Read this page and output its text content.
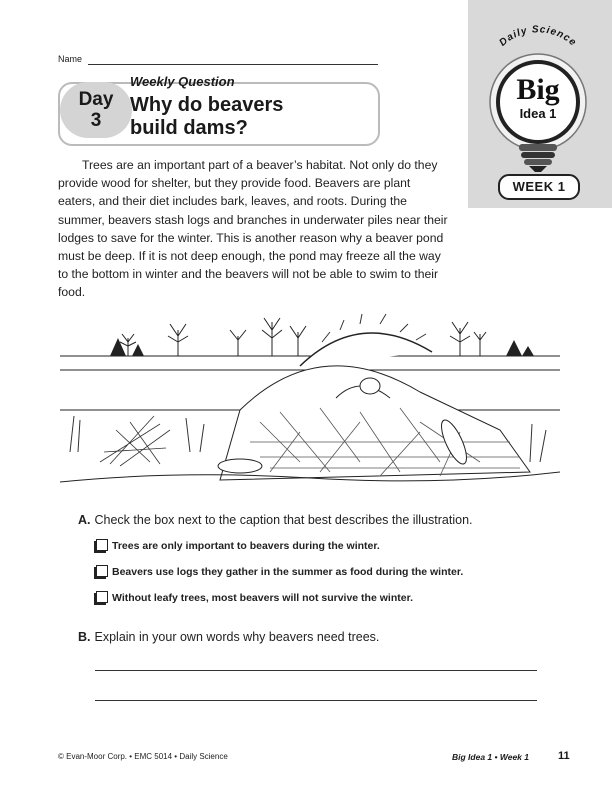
Daily Science
Big
Idea 1
WEEK 1
Name
Day
3
Weekly Question
Why do beavers
build dams?

Trees are an important part of a beaver’s habitat. Not only do they provide wood for shelter, but they provide food. Beavers are plant eaters, and their diet includes bark, leaves, and roots. During the summer, beavers stash logs and branches in underwater piles near their lodges to save for the winter. This is another reason why a beaver pond must be deep. If it is not deep enough, the pond may freeze all the way to the bottom in winter and the beavers will not be able to swim to their food.

A. Check the box next to the caption that best describes the illustration.
Trees are only important to beavers during the winter.
Beavers use logs they gather in the summer as food during the winter.
Without leafy trees, most beavers will not survive the winter.
B. Explain in your own words why beavers need trees.
© Evan-Moor Corp. • EMC 5014 • Daily Science	Big Idea 1 • Week 1	11
